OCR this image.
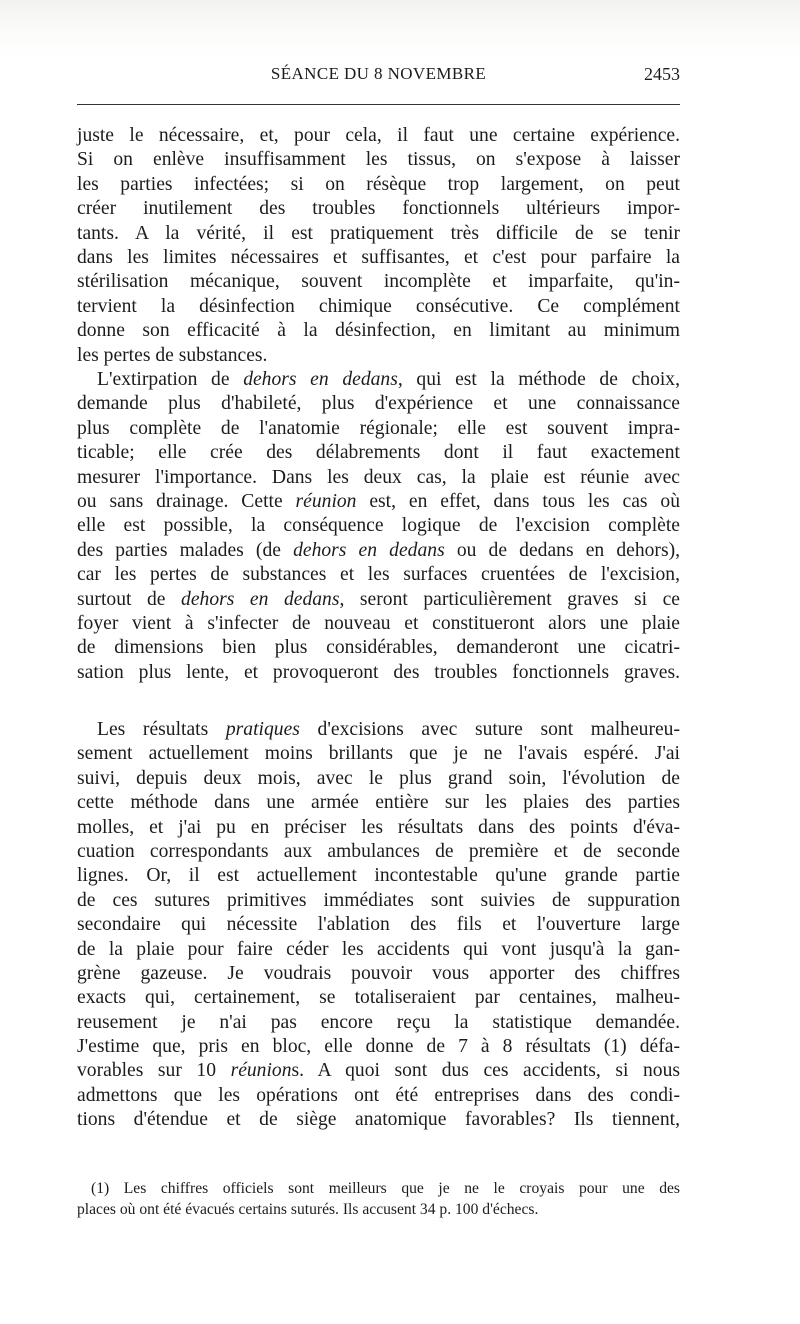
SÉANCE DU 8 NOVEMBRE	2453
juste le nécessaire, et, pour cela, il faut une certaine expérience.
Si on enlève insuffisamment les tissus, on s'expose à laisser
les parties infectées; si on résèque trop largement, on peut
créer inutilement des troubles fonctionnels ultérieurs impor-
tants. A la vérité, il est pratiquement très difficile de se tenir
dans les limites nécessaires et suffisantes, et c'est pour parfaire la
stérilisation mécanique, souvent incomplète et imparfaite, qu'in-
tervient la désinfection chimique consécutive. Ce complément
donne son efficacité à la désinfection, en limitant au minimum
les pertes de substances.
L'extirpation de dehors en dedans, qui est la méthode de choix,
demande plus d'habileté, plus d'expérience et une connaissance
plus complète de l'anatomie régionale; elle est souvent impra-
ticable; elle crée des délabrements dont il faut exactement
mesurer l'importance. Dans les deux cas, la plaie est réunie avec
ou sans drainage. Cette réunion est, en effet, dans tous les cas où
elle est possible, la conséquence logique de l'excision complète
des parties malades (de dehors en dedans ou de dedans en dehors),
car les pertes de substances et les surfaces cruentées de l'excision,
surtout de dehors en dedans, seront particulièrement graves si ce
foyer vient à s'infecter de nouveau et constitueront alors une plaie
de dimensions bien plus considérables, demanderont une cicatri-
sation plus lente, et provoqueront des troubles fonctionnels graves.
Les résultats pratiques d'excisions avec suture sont malheureu-
sement actuellement moins brillants que je ne l'avais espéré. J'ai
suivi, depuis deux mois, avec le plus grand soin, l'évolution de
cette méthode dans une armée entière sur les plaies des parties
molles, et j'ai pu en préciser les résultats dans des points d'éva-
cuation correspondants aux ambulances de première et de seconde
lignes. Or, il est actuellement incontestable qu'une grande partie
de ces sutures primitives immédiates sont suivies de suppuration
secondaire qui nécessite l'ablation des fils et l'ouverture large
de la plaie pour faire céder les accidents qui vont jusqu'à la gan-
grène gazeuse. Je voudrais pouvoir vous apporter des chiffres
exacts qui, certainement, se totaliseraient par centaines, malheu-
reusement je n'ai pas encore reçu la statistique demandée.
J'estime que, pris en bloc, elle donne de 7 à 8 résultats (1) défa-
vorables sur 10 réunions. A quoi sont dus ces accidents, si nous
admettons que les opérations ont été entreprises dans des condi-
tions d'étendue et de siège anatomique favorables? Ils tiennent,
(1) Les chiffres officiels sont meilleurs que je ne le croyais pour une des
places où ont été évacués certains suturés. Ils accusent 34 p. 100 d'échecs.
